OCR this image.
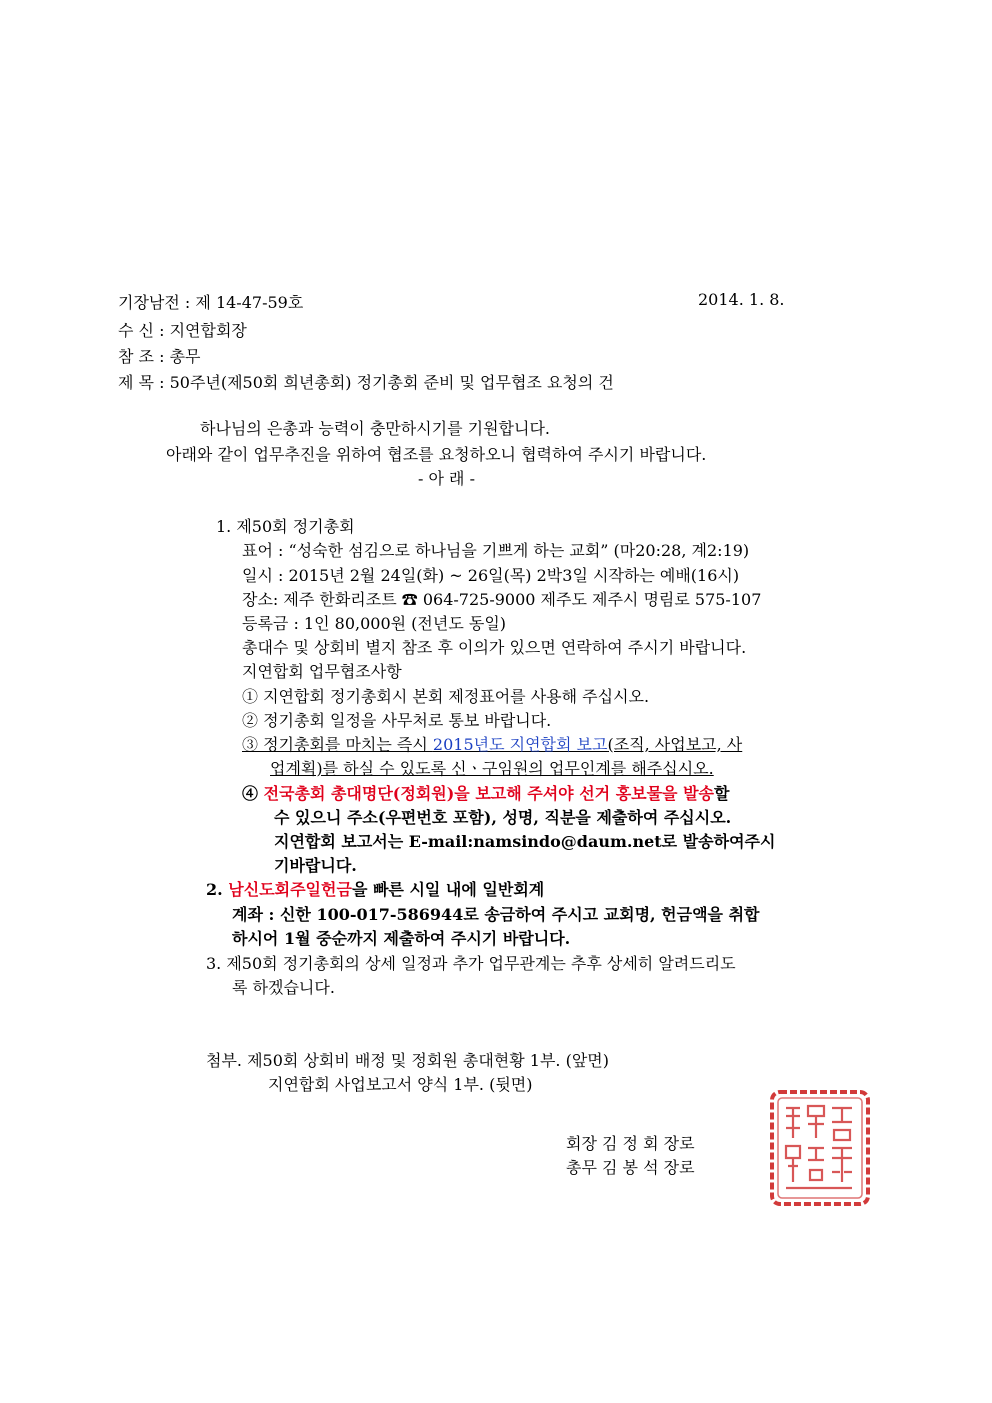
기장남전 : 제 14-47-59호	2014. 1. 8.
수 신 : 지연합회장
참 조 : 총무
제 목 : 50주년(제50회 희년총회) 정기총회 준비 및 업무협조 요청의 건
하나님의 은총과 능력이 충만하시기를 기원합니다.
아래와 같이 업무추진을 위하여 협조를 요청하오니 협력하여 주시기 바랍니다.
- 아 래 -
1. 제50회 정기총회
표어 : “성숙한 섬김으로 하나님을 기쁘게 하는 교회” (마20:28, 계2:19)
일시 : 2015년 2월 24일(화) ~ 26일(목) 2박3일 시작하는 예배(16시)
장소: 제주 한화리조트 ☎ 064-725-9000 제주도 제주시 명림로 575-107
등록금 : 1인 80,000원 (전년도 동일)
총대수 및 상회비 별지 참조 후 이의가 있으면 연락하여 주시기 바랍니다.
지연합회 업무협조사항
① 지연합회 정기총회시 본회 제정표어를 사용해 주십시오.
② 정기총회 일정을 사무처로 통보 바랍니다.
③ 정기총회를 마치는 즉시 2015년도 지연합회 보고(조직, 사업보고, 사
업계획)를 하실 수 있도록 신ㆍ구임원의 업무인계를 해주십시오.
④ 전국총회 총대명단(정회원)을 보고해 주셔야 선거 홍보물을 발송할
수 있으니 주소(우편번호 포함), 성명, 직분을 제출하여 주십시오.
지연합회 보고서는 E-mail:namsindo@daum.net로 발송하여주시
기바랍니다.
2. 남신도회주일헌금을 빠른 시일 내에 일반회계
계좌 : 신한 100-017-586944로 송금하여 주시고 교회명, 헌금액을 취합
하시어 1월 중순까지 제출하여 주시기 바랍니다.
3. 제50회 정기총회의 상세 일정과 추가 업무관계는 추후 상세히 알려드리도
록 하겠습니다.
첨부. 제50회 상회비 배정 및 정회원 총대현황 1부. (앞면)
지연합회 사업보고서 양식 1부. (뒷면)
회장 김 정 회 장로
총무 김 봉 석 장로
